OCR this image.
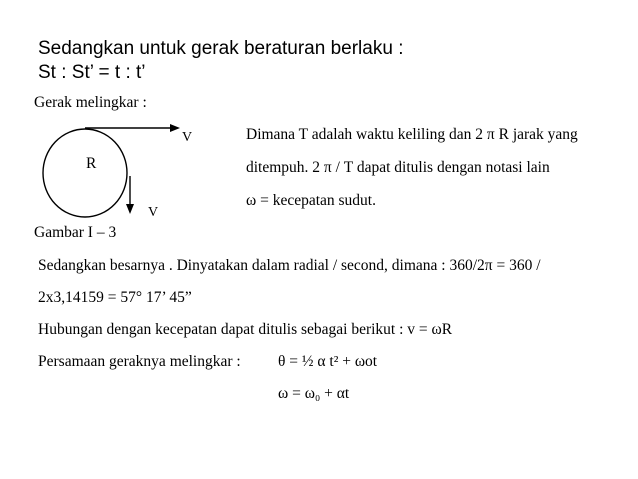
Sedangkan untuk gerak beraturan berlaku :
St : St’ = t : t’
Gerak melingkar :
R
V
V
Gambar I – 3
Dimana T adalah waktu keliling dan 2 π R jarak yang
ditempuh. 2 π / T dapat ditulis dengan notasi lain
ω = kecepatan sudut.
Sedangkan besarnya . Dinyatakan dalam radial / second, dimana : 360/2π = 360 /
2x3,14159 = 57° 17’ 45”
Hubungan dengan kecepatan dapat ditulis sebagai berikut : v = ωR
Persamaan geraknya melingkar : θ = ½ α t² + ωot
ω = ω₀ + αt
